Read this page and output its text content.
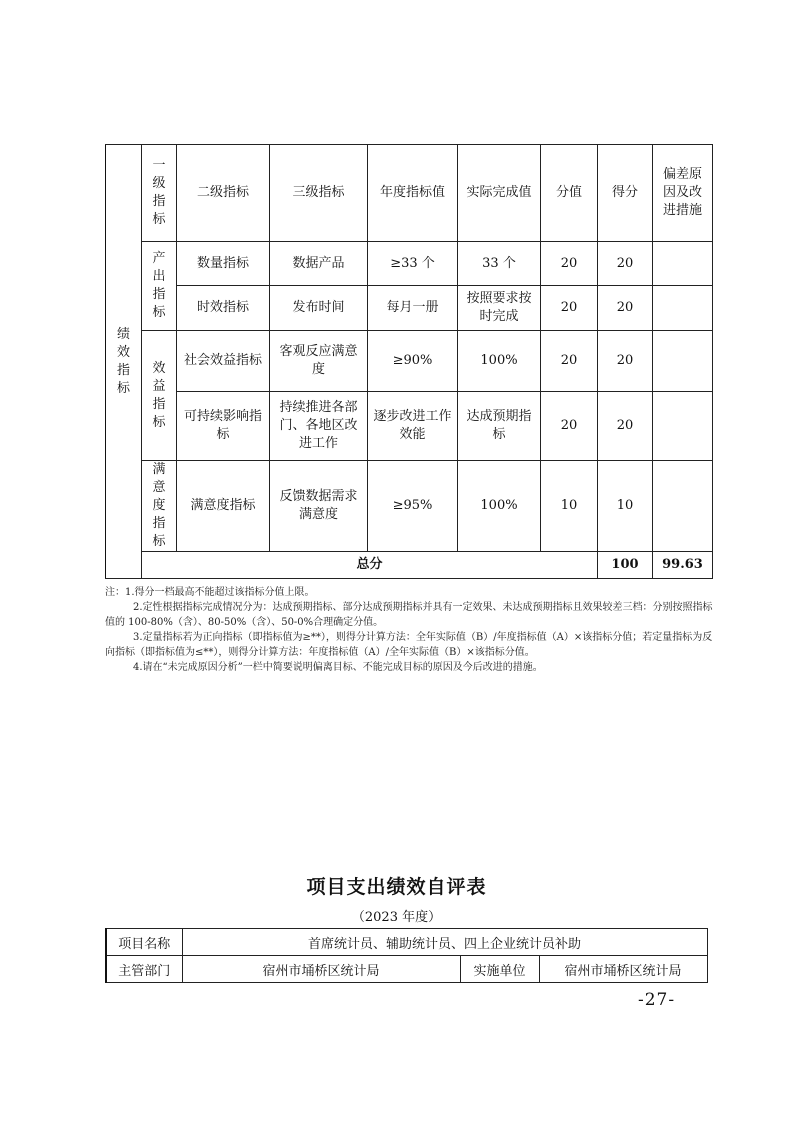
绩效指标	一级指标	二级指标	三级指标	年度指标值	实际完成值	分值	得分	偏差原因及改进措施	
	产出指标	数量指标	数据产品	≥33 个	33 个	20	20		
		时效指标	发布时间	每月一册	按照要求按时完成	20	20		
	效益指标	社会效益指标	客观反应满意度	≥90%	100%	20	20		
		可持续影响指标	持续推进各部门、各地区改进工作	逐步改进工作效能	达成预期指标	20	20		
	满意度指标	满意度指标	反馈数据需求满意度	≥95%	100%	10	10		
	总分						100	99.63	

注：1.得分一档最高不能超过该指标分值上限。

2.定性根据指标完成情况分为：达成预期指标、部分达成预期指标并具有一定效果、未达成预期指标且效果较差三档：分别按照指标值的 100-80%（含）、80-50%（含）、50-0%合理确定分值。

3.定量指标若为正向指标（即指标值为≥**），则得分计算方法：全年实际值（B）/年度指标值（A）×该指标分值；若定量指标为反向指标（即指标值为≤**），则得分计算方法：年度指标值（A）/全年实际值（B）×该指标分值。

4.请在“未完成原因分析”一栏中简要说明偏离目标、不能完成目标的原因及今后改进的措施。

项目支出绩效自评表
（2023 年度）
项目名称	首席统计员、辅助统计员、四上企业统计员补助		
主管部门	宿州市埇桥区统计局	实施单位	宿州市埇桥区统计局
-27-
